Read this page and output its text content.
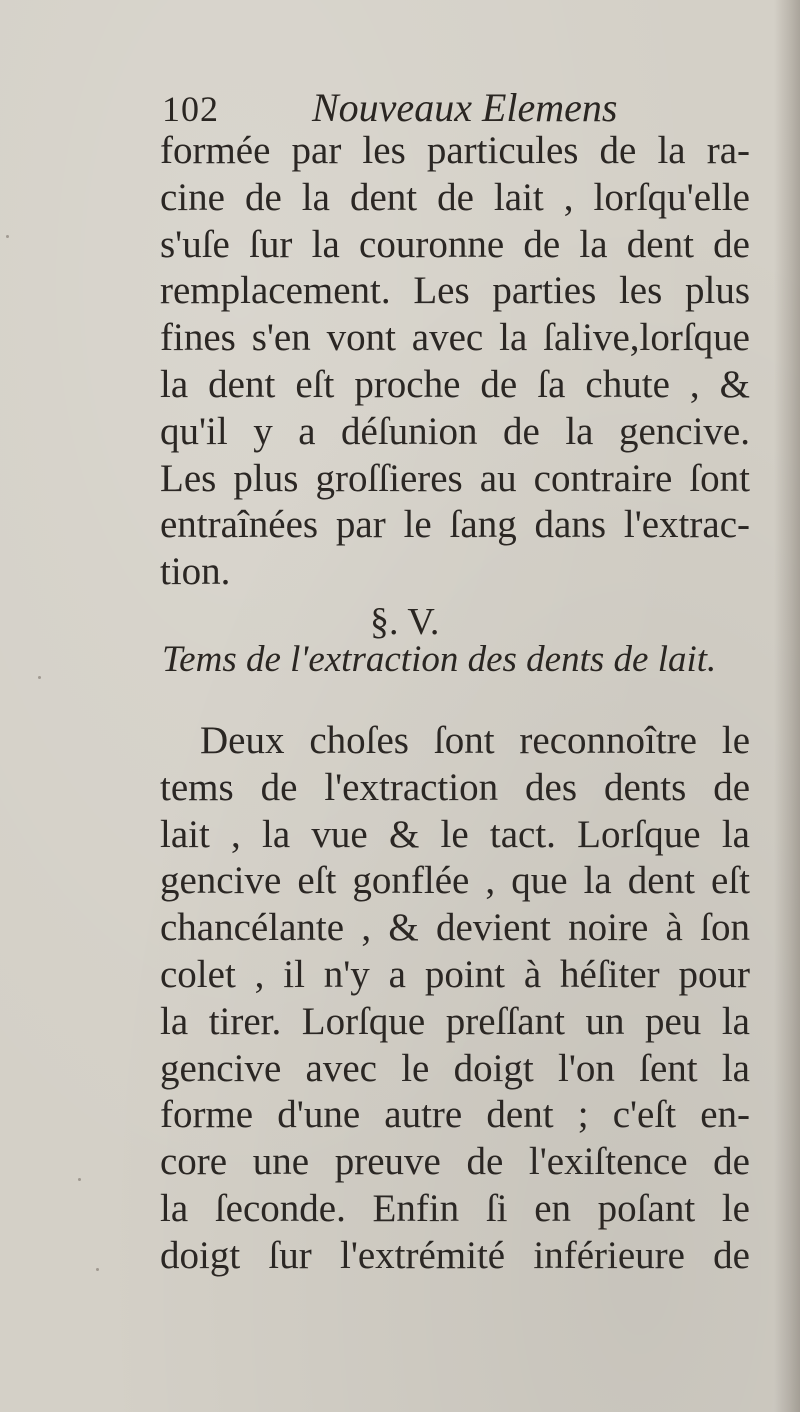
102 Nouveaux Elemens
formée par les particules de la ra-
cine de la dent de lait , lorſqu'elle
s'uſe ſur la couronne de la dent de
remplacement. Les parties les plus
fines s'en vont avec la ſalive,lorſque
la dent eſt proche de ſa chute , &
qu'il y a déſunion de la gencive.
Les plus groſſieres au contraire ſont
entraînées par le ſang dans l'extrac-
tion.
§. V.
Tems de l'extraction des dents de lait.
Deux choſes ſont reconnoître le
tems de l'extraction des dents de
lait , la vue & le tact. Lorſque la
gencive eſt gonflée , que la dent eſt
chancélante , & devient noire à ſon
colet , il n'y a point à héſiter pour
la tirer. Lorſque preſſant un peu la
gencive avec le doigt l'on ſent la
forme d'une autre dent ; c'eſt en-
core une preuve de l'exiſtence de
la ſeconde. Enfin ſi en poſant le
doigt ſur l'extrémité inférieure de
